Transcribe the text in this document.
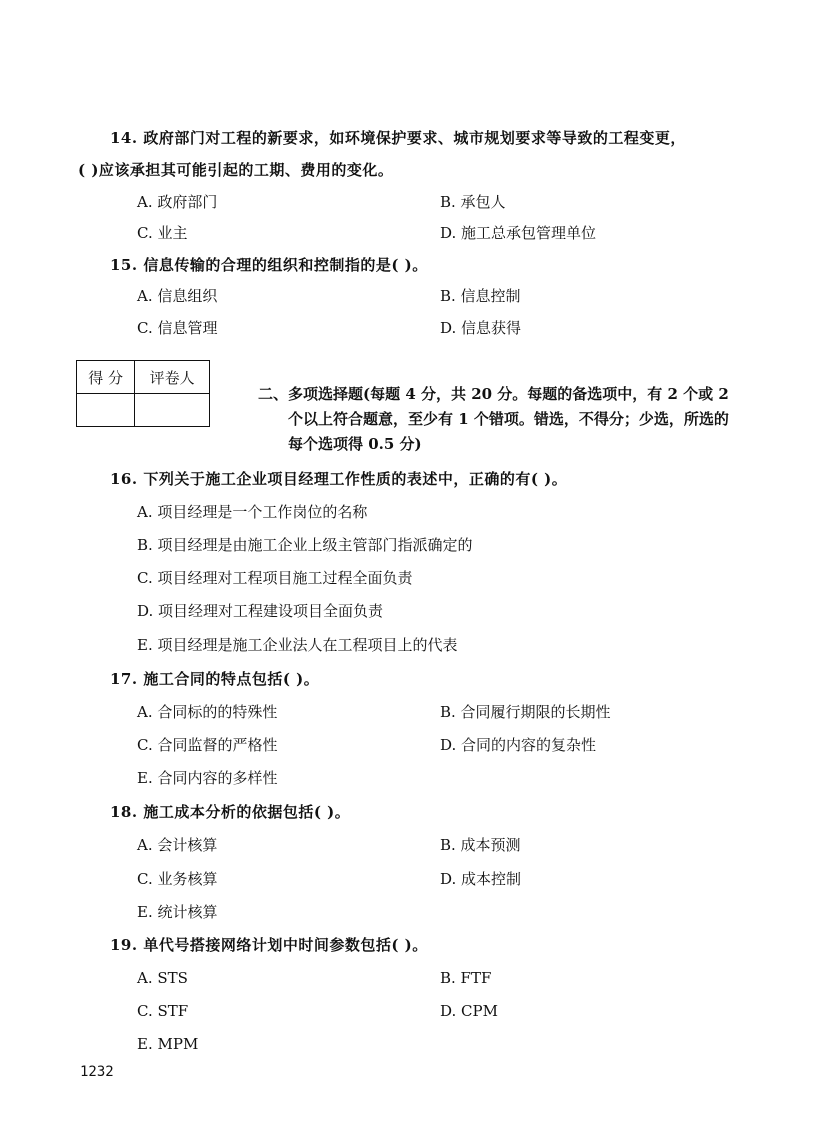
14. 政府部门对工程的新要求，如环境保护要求、城市规划要求等导致的工程变更，
( )应该承担其可能引起的工期、费用的变化。
A. 政府部门	B. 承包人
C. 业主	D. 施工总承包管理单位
15. 信息传输的合理的组织和控制指的是( )。
A. 信息组织	B. 信息控制
C. 信息管理	D. 信息获得
得 分	评卷人

二、多项选择题(每题 4 分，共 20 分。每题的备选项中，有 2 个或 2
个以上符合题意，至少有 1 个错项。错选，不得分；少选，所选的
每个选项得 0.5 分)
16. 下列关于施工企业项目经理工作性质的表述中，正确的有( )。
A. 项目经理是一个工作岗位的名称
B. 项目经理是由施工企业上级主管部门指派确定的
C. 项目经理对工程项目施工过程全面负责
D. 项目经理对工程建设项目全面负责
E. 项目经理是施工企业法人在工程项目上的代表
17. 施工合同的特点包括( )。
A. 合同标的的特殊性	B. 合同履行期限的长期性
C. 合同监督的严格性	D. 合同的内容的复杂性
E. 合同内容的多样性
18. 施工成本分析的依据包括( )。
A. 会计核算	B. 成本预测
C. 业务核算	D. 成本控制
E. 统计核算
19. 单代号搭接网络计划中时间参数包括( )。
A. STS	B. FTF
C. STF	D. CPM
E. MPM
1232
